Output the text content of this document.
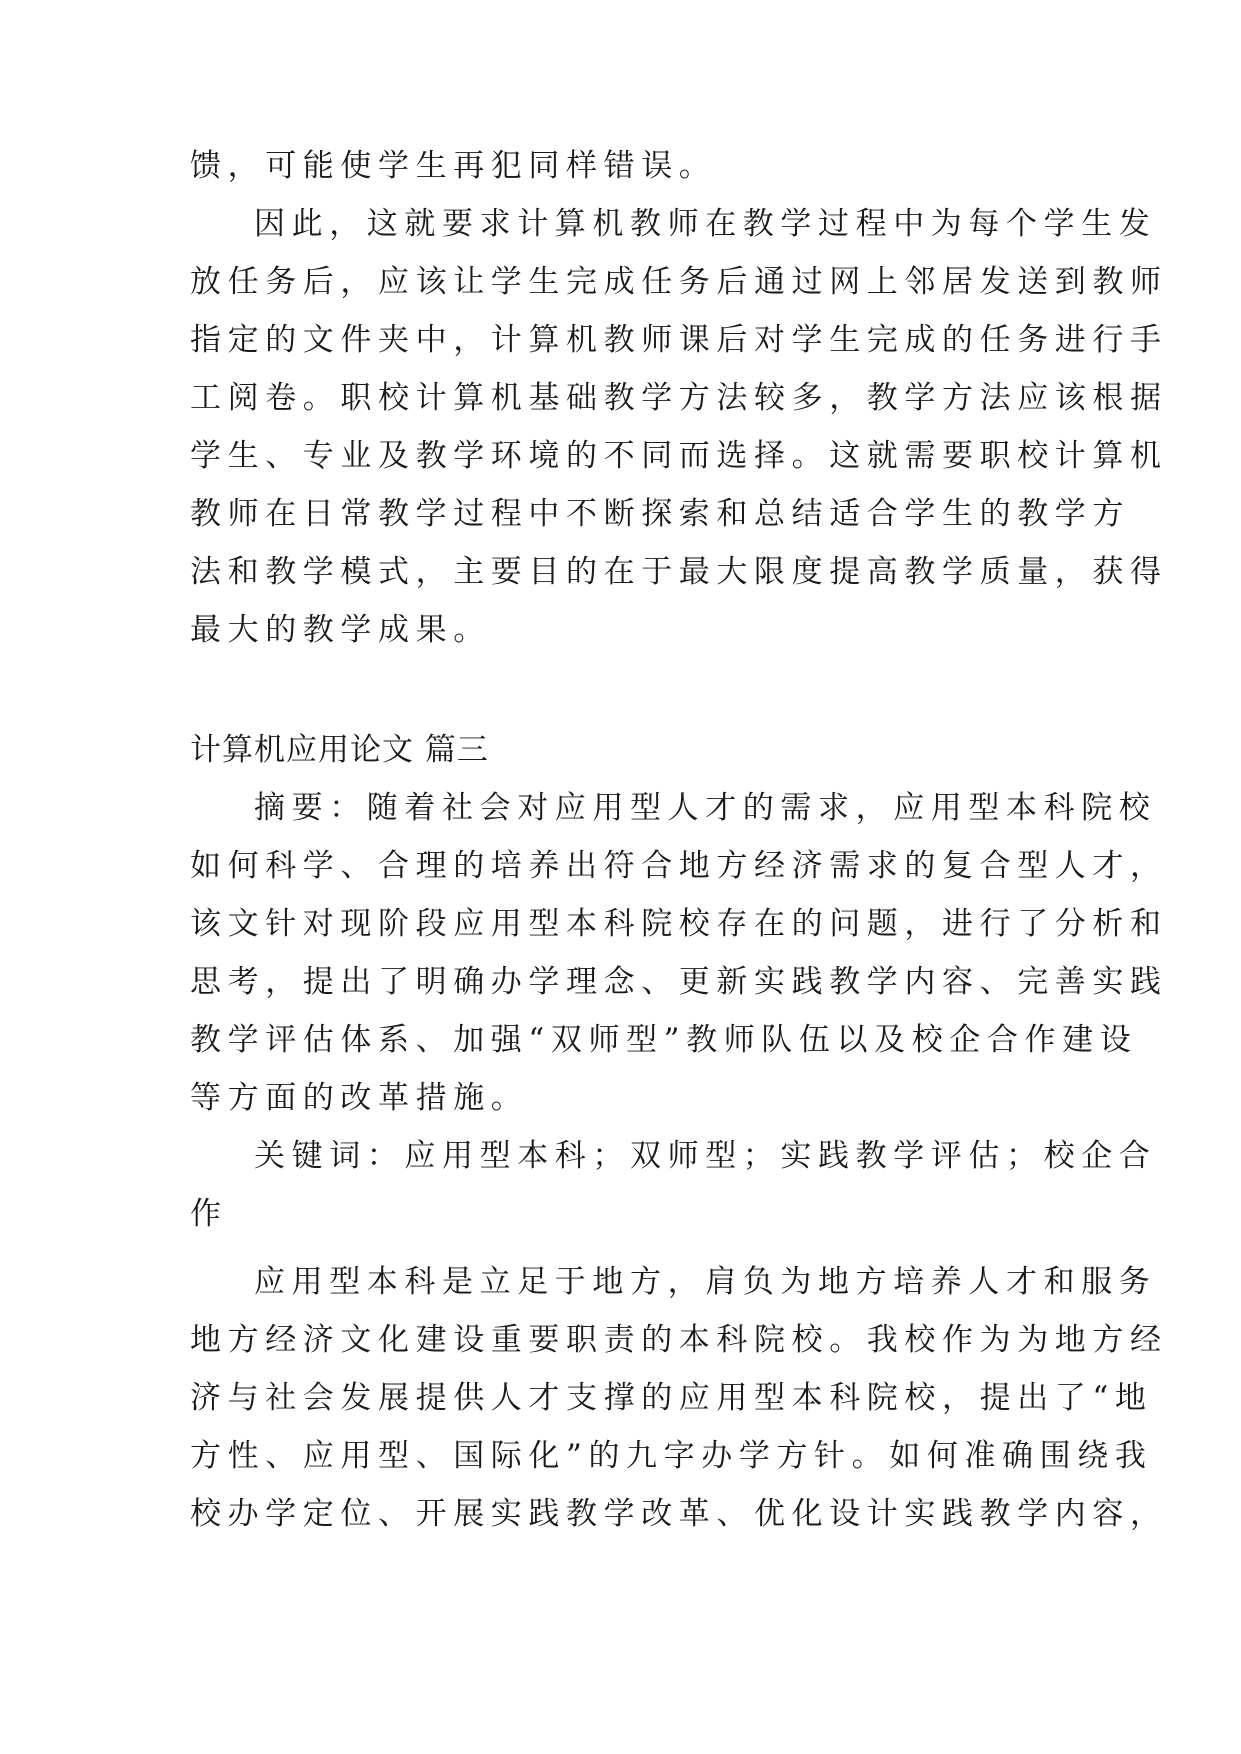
馈，可能使学生再犯同样错误。
因此，这就要求计算机教师在教学过程中为每个学生发
放任务后，应该让学生完成任务后通过网上邻居发送到教师
指定的文件夹中，计算机教师课后对学生完成的任务进行手
工阅卷。职校计算机基础教学方法较多，教学方法应该根据
学生、专业及教学环境的不同而选择。这就需要职校计算机
教师在日常教学过程中不断探索和总结适合学生的教学方
法和教学模式，主要目的在于最大限度提高教学质量，获得
最大的教学成果。
计算机应用论文 篇三
摘要：随着社会对应用型人才的需求，应用型本科院校
如何科学、合理的培养出符合地方经济需求的复合型人才，
该文针对现阶段应用型本科院校存在的问题，进行了分析和
思考，提出了明确办学理念、更新实践教学内容、完善实践
教学评估体系、加强“双师型”教师队伍以及校企合作建设
等方面的改革措施。
关键词：应用型本科；双师型；实践教学评估；校企合
作
应用型本科是立足于地方，肩负为地方培养人才和服务
地方经济文化建设重要职责的本科院校。我校作为为地方经
济与社会发展提供人才支撑的应用型本科院校，提出了“地
方性、应用型、国际化”的九字办学方针。如何准确围绕我
校办学定位、开展实践教学改革、优化设计实践教学内容，
